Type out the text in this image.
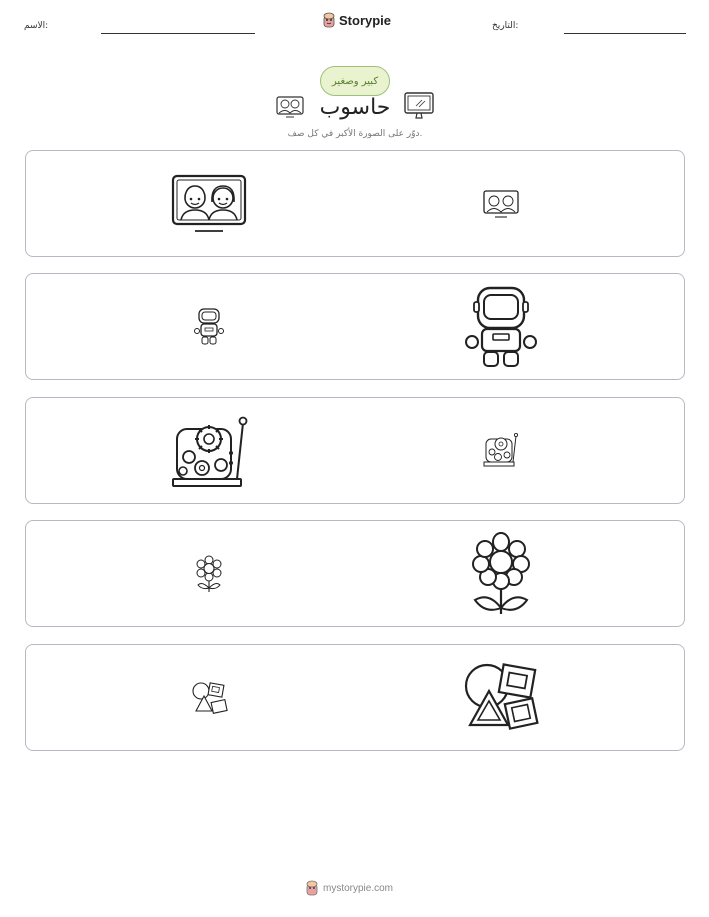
الاسم:	Storypie	التاريخ:
كبير وصغير
حاسوب
دوّر على الصورة الأكبر في كل صف.
mystorypie.com
